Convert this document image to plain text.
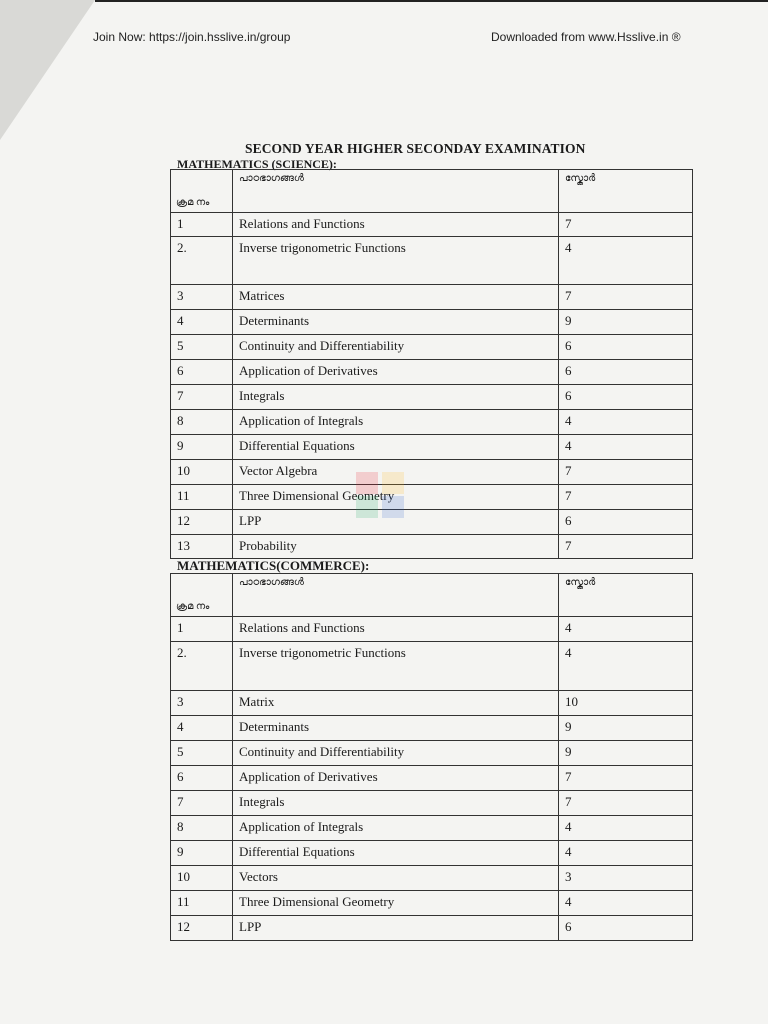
Join Now: https://join.hsslive.in/group	Downloaded from www.Hsslive.in ®
SECOND YEAR HIGHER SECONDAY EXAMINATION
MATHEMATICS (SCIENCE):
ക്രമ നം	പാഠഭാഗങ്ങൾ	സ്കോർ

1	Relations and Functions	7

2.	Inverse trigonometric Functions	4

3	Matrices	7

4	Determinants	9

5	Continuity and Differentiability	6

6	Application of Derivatives	6

7	Integrals	6

8	Application of Integrals	4

9	Differential Equations	4

10	Vector Algebra	7

11	Three Dimensional Geometry	7

12	LPP	6

13	Probability	7
MATHEMATICS(COMMERCE):
ക്രമ നം	പാഠഭാഗങ്ങൾ	സ്കോർ

1	Relations and Functions	4

2.	Inverse trigonometric Functions	4

3	Matrix	10

4	Determinants	9

5	Continuity and Differentiability	9

6	Application of Derivatives	7

7	Integrals	7

8	Application of Integrals	4

9	Differential Equations	4

10	Vectors	3

11	Three Dimensional Geometry	4

12	LPP	6
